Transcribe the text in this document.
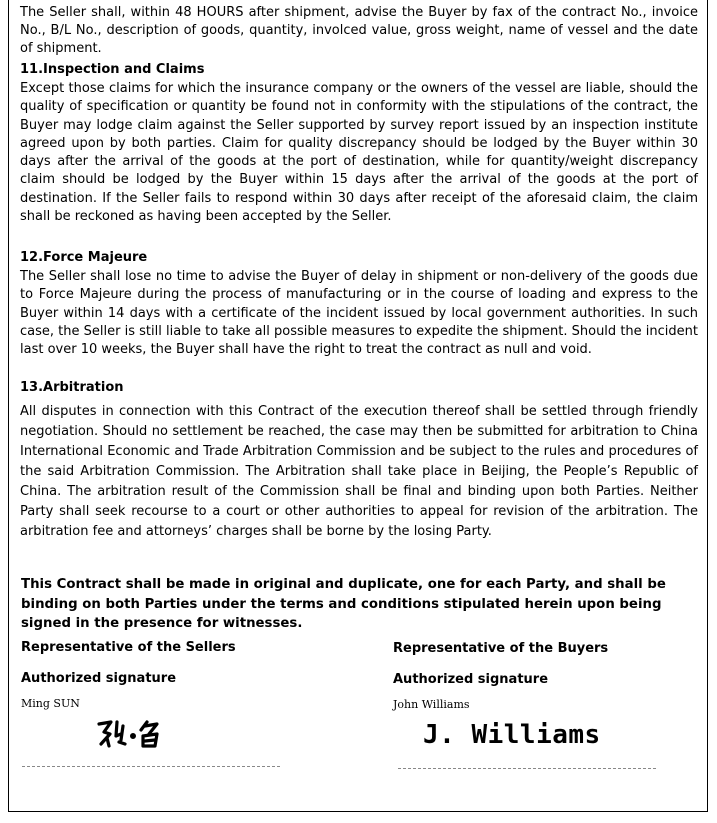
The Seller shall, within 48 HOURS after shipment, advise the Buyer by fax of the contract No., invoice No., B/L No., description of goods, quantity, involced value, gross weight, name of vessel and the date of shipment.

11.Inspection and Claims

Except those claims for which the insurance company or the owners of the vessel are liable, should the quality of specification or quantity be found not in conformity with the stipulations of the contract, the Buyer may lodge claim against the Seller supported by survey report issued by an inspection institute agreed upon by both parties. Claim for quality discrepancy should be lodged by the Buyer within 30 days after the arrival of the goods at the port of destination, while for quantity/weight discrepancy claim should be lodged by the Buyer within 15 days after the arrival of the goods at the port of destination. If the Seller fails to respond within 30 days after receipt of the aforesaid claim, the claim shall be reckoned as having been accepted by the Seller.

12.Force Majeure

The Seller shall lose no time to advise the Buyer of delay in shipment or non-delivery of the goods due to Force Majeure during the process of manufacturing or in the course of loading and express to the Buyer within 14 days with a certificate of the incident issued by local government authorities. In such case, the Seller is still liable to take all possible measures to expedite the shipment. Should the incident last over 10 weeks, the Buyer shall have the right to treat the contract as null and void.

13.Arbitration

All disputes in connection with this Contract of the execution thereof shall be settled through friendly negotiation. Should no settlement be reached, the case may then be submitted for arbitration to China International Economic and Trade Arbitration Commission and be subject to the rules and procedures of the said Arbitration Commission. The Arbitration shall take place in Beijing, the People’s Republic of China. The arbitration result of the Commission shall be final and binding upon both Parties. Neither Party shall seek recourse to a court or other authorities to appeal for revision of the arbitration. The arbitration fee and attorneys’ charges shall be borne by the losing Party.

This Contract shall be made in original and duplicate, one for each Party, and shall be binding on both Parties under the terms and conditions stipulated herein upon being signed in the presence for witnesses.

Representative of the Sellers
Authorized signature
Ming SUN
Representative of the Buyers
Authorized signature
John Williams
J. Williams
